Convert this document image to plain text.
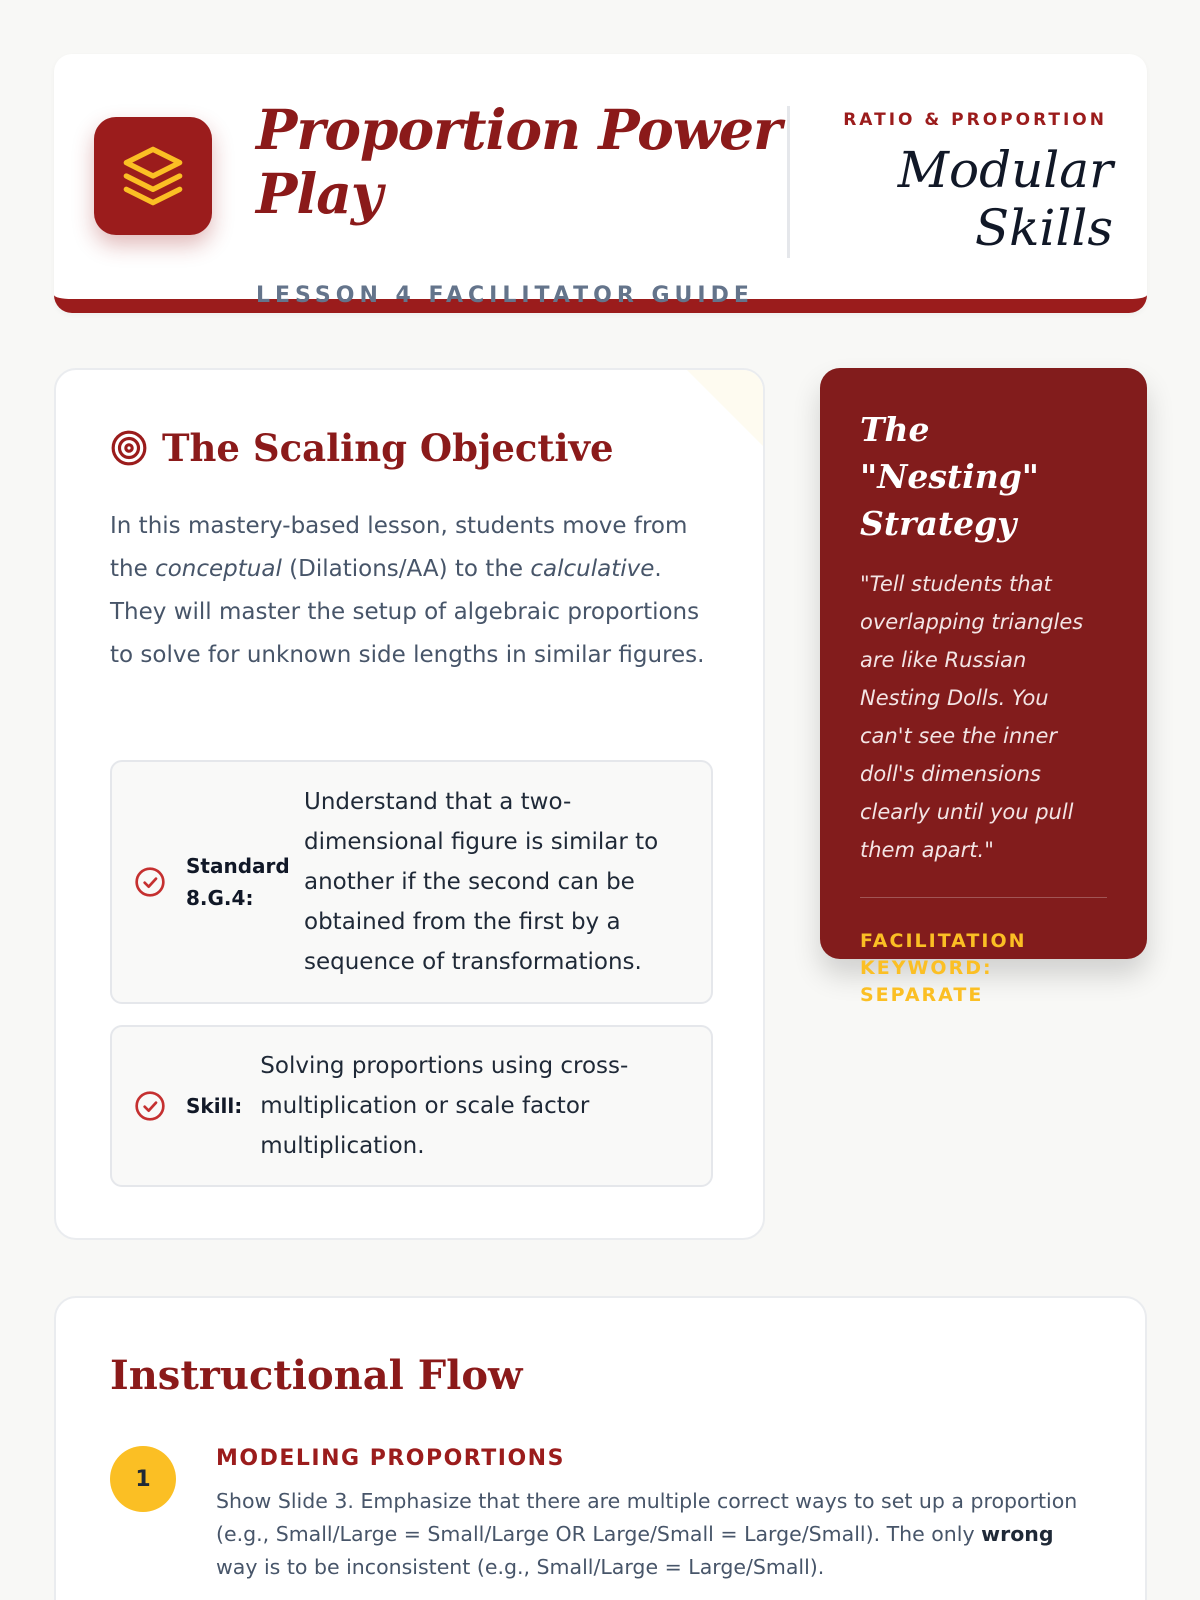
Proportion Power Play
LESSON 4 FACILITATOR GUIDE
RATIO & PROPORTION
Modular Skills
The Scaling Objective

In this mastery-based lesson, students move from the conceptual (Dilations/AA) to the calculative. They will master the setup of algebraic proportions to solve for unknown side lengths in similar figures.

Standard 8.G.4:
Understand that a two-dimensional figure is similar to another if the second can be obtained from the first by a sequence of transformations.
Skill:
Solving proportions using cross-multiplication or scale factor multiplication.
The "Nesting" Strategy
"Tell students that overlapping triangles are like Russian Nesting Dolls. You can't see the inner doll's dimensions clearly until you pull them apart."
FACILITATION KEYWORD: SEPARATE
Instructional Flow
1
MODELING PROPORTIONS

Show Slide 3. Emphasize that there are multiple correct ways to set up a proportion (e.g., Small/Large = Small/Large OR Large/Small = Large/Small). The only wrong way is to be inconsistent (e.g., Small/Large = Large/Small).
